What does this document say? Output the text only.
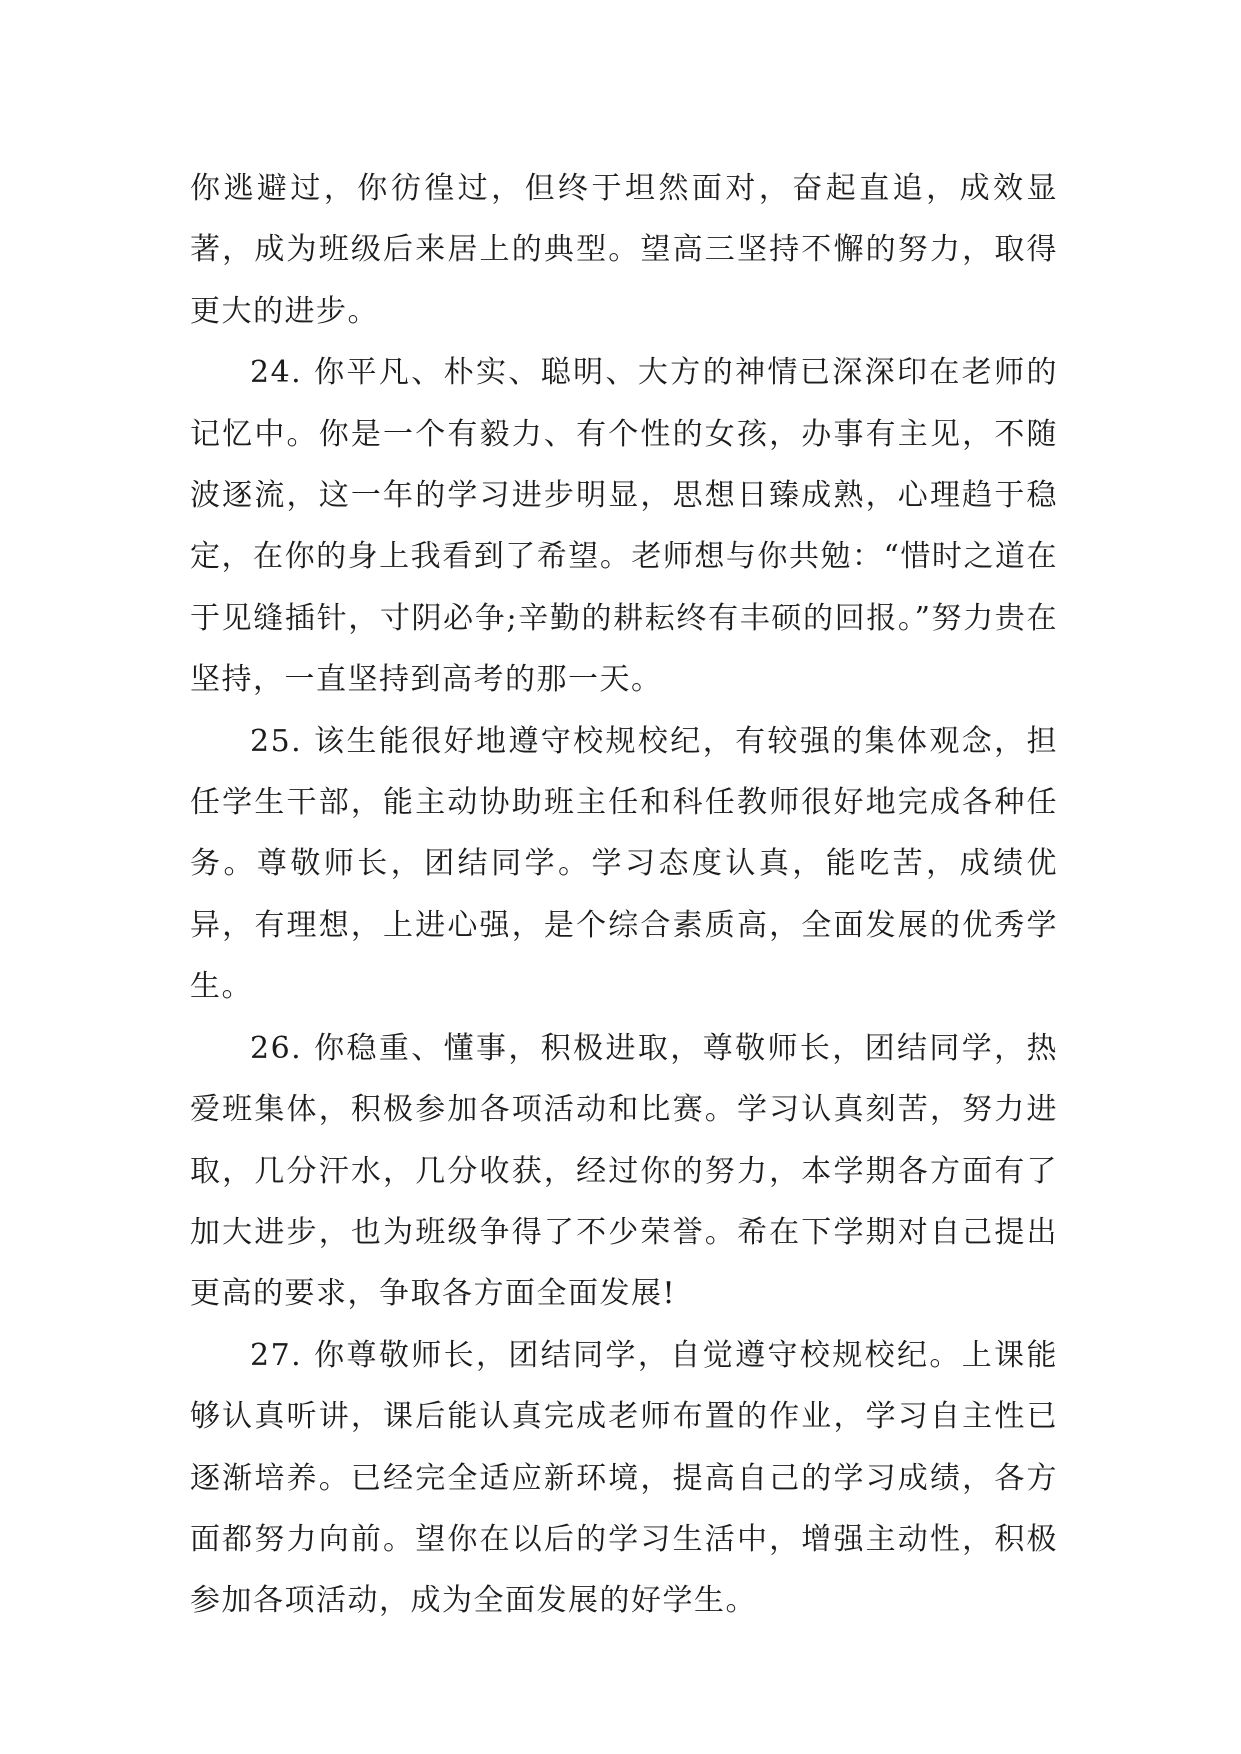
你逃避过，你彷徨过，但终于坦然面对，奋起直追，成效显著，成为班级后来居上的典型。望高三坚持不懈的努力，取得更大的进步。

24. 你平凡、朴实、聪明、大方的神情已深深印在老师的记忆中。你是一个有毅力、有个性的女孩，办事有主见，不随波逐流，这一年的学习进步明显，思想日臻成熟，心理趋于稳定，在你的身上我看到了希望。老师想与你共勉：“惜时之道在于见缝插针，寸阴必争;辛勤的耕耘终有丰硕的回报。”努力贵在坚持，一直坚持到高考的那一天。

25. 该生能很好地遵守校规校纪，有较强的集体观念，担任学生干部，能主动协助班主任和科任教师很好地完成各种任务。尊敬师长，团结同学。学习态度认真，能吃苦，成绩优异，有理想，上进心强，是个综合素质高，全面发展的优秀学生。

26. 你稳重、懂事，积极进取，尊敬师长，团结同学，热爱班集体，积极参加各项活动和比赛。学习认真刻苦，努力进取，几分汗水，几分收获，经过你的努力，本学期各方面有了加大进步，也为班级争得了不少荣誉。希在下学期对自己提出更高的要求，争取各方面全面发展!

27. 你尊敬师长，团结同学，自觉遵守校规校纪。上课能够认真听讲，课后能认真完成老师布置的作业，学习自主性已逐渐培养。已经完全适应新环境，提高自己的学习成绩，各方面都努力向前。望你在以后的学习生活中，增强主动性，积极参加各项活动，成为全面发展的好学生。
